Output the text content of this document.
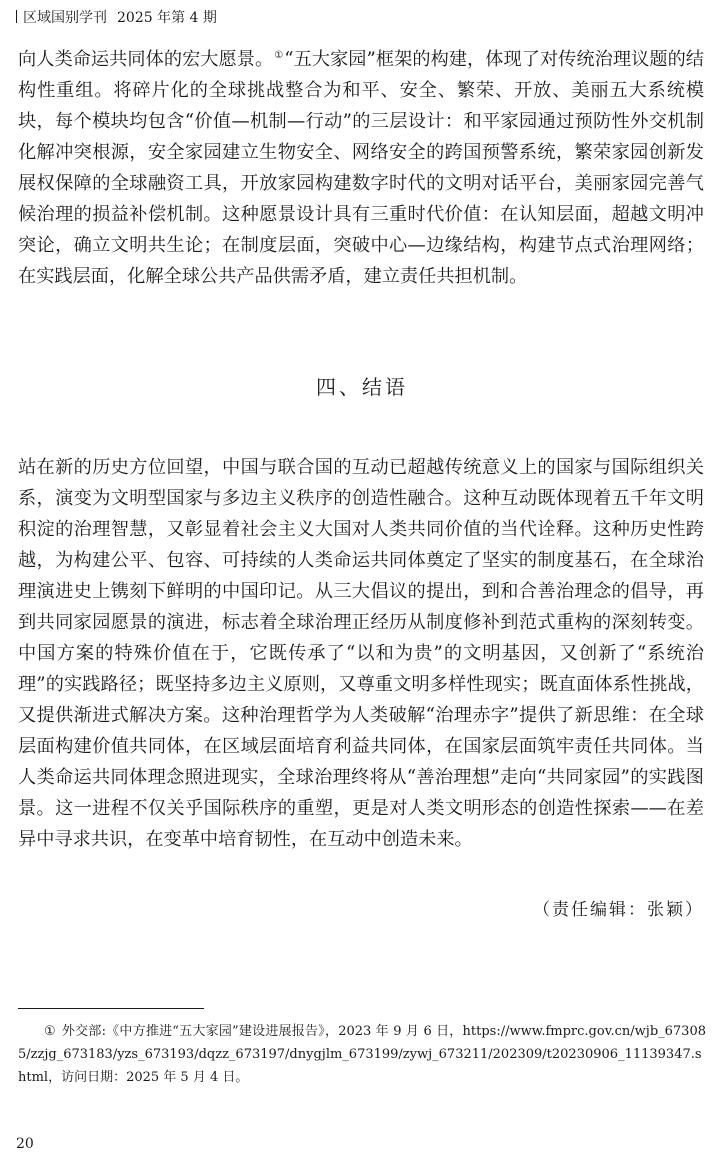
区域国别学刊 2025 年第 4 期

向人类命运共同体的宏大愿景。①“五大家园”框架的构建，体现了对传统治理议题的结构性重组。将碎片化的全球挑战整合为和平、安全、繁荣、开放、美丽五大系统模块，每个模块均包含“价值—机制—行动”的三层设计：和平家园通过预防性外交机制化解冲突根源，安全家园建立生物安全、网络安全的跨国预警系统，繁荣家园创新发展权保障的全球融资工具，开放家园构建数字时代的文明对话平台，美丽家园完善气候治理的损益补偿机制。这种愿景设计具有三重时代价值：在认知层面，超越文明冲突论，确立文明共生论；在制度层面，突破中心—边缘结构，构建节点式治理网络；在实践层面，化解全球公共产品供需矛盾，建立责任共担机制。

四、结语

站在新的历史方位回望，中国与联合国的互动已超越传统意义上的国家与国际组织关系，演变为文明型国家与多边主义秩序的创造性融合。这种互动既体现着五千年文明积淀的治理智慧，又彰显着社会主义大国对人类共同价值的当代诠释。这种历史性跨越，为构建公平、包容、可持续的人类命运共同体奠定了坚实的制度基石，在全球治理演进史上镌刻下鲜明的中国印记。从三大倡议的提出，到和合善治理念的倡导，再到共同家园愿景的演进，标志着全球治理正经历从制度修补到范式重构的深刻转变。中国方案的特殊价值在于，它既传承了“以和为贵”的文明基因，又创新了“系统治理”的实践路径；既坚持多边主义原则，又尊重文明多样性现实；既直面体系性挑战，又提供渐进式解决方案。这种治理哲学为人类破解“治理赤字”提供了新思维：在全球层面构建价值共同体，在区域层面培育利益共同体，在国家层面筑牢责任共同体。当人类命运共同体理念照进现实，全球治理终将从“善治理想”走向“共同家园”的实践图景。这一进程不仅关乎国际秩序的重塑，更是对人类文明形态的创造性探索——在差异中寻求共识，在变革中培育韧性，在互动中创造未来。

（责任编辑：张颖）
① 外交部:《中方推进“五大家园”建设进展报告》，2023 年 9 月 6 日，https://www.fmprc.gov.cn/wjb_673085/zzjg_673183/yzs_673193/dqzz_673197/dnygjlm_673199/zywj_673211/202309/t20230906_11139347.shtml，访问日期：2025 年 5 月 4 日。
20
